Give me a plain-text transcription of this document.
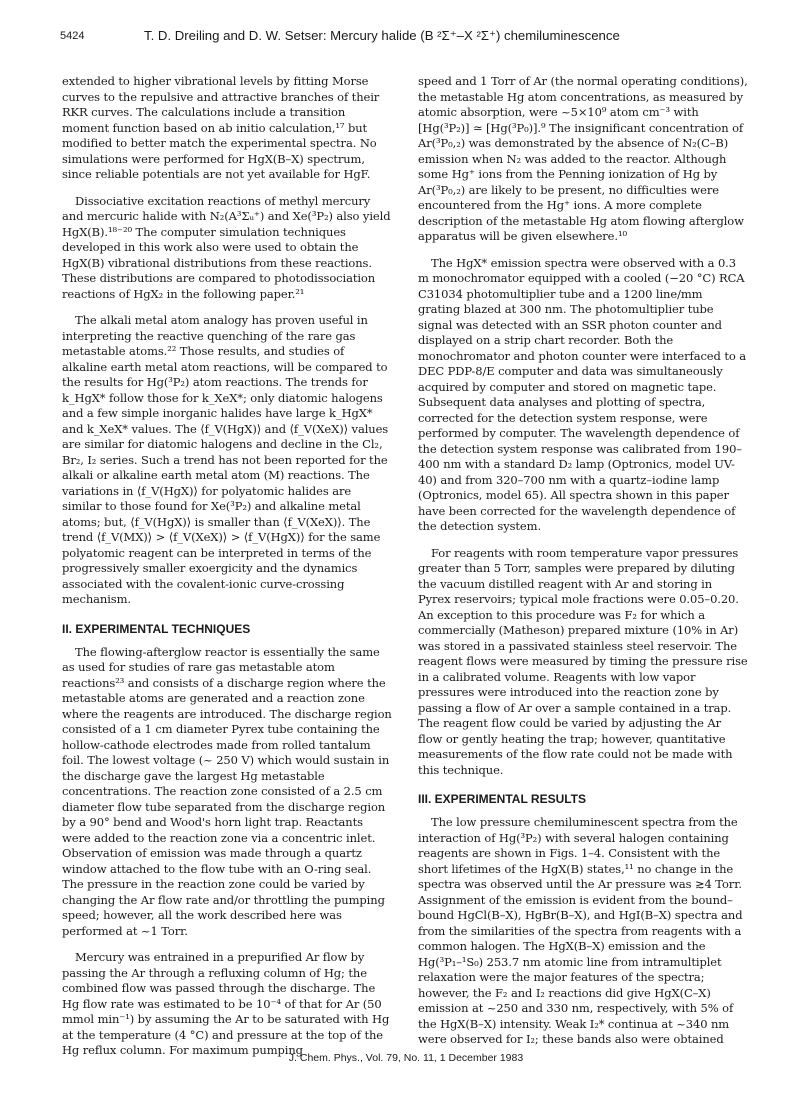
5424	T. D. Dreiling and D. W. Setser: Mercury halide (B ²Σ⁺–X ²Σ⁺) chemiluminescence

extended to higher vibrational levels by fitting Morse curves to the repulsive and attractive branches of their RKR curves. The calculations include a transition moment function based on ab initio calculation,¹⁷ but modified to better match the experimental spectra. No simulations were performed for HgX(B–X) spectrum, since reliable potentials are not yet available for HgF.

Dissociative excitation reactions of methyl mercury and mercuric halide with N₂(A³Σᵤ⁺) and Xe(³P₂) also yield HgX(B).¹⁸⁻²⁰ The computer simulation techniques developed in this work also were used to obtain the HgX(B) vibrational distributions from these reactions. These distributions are compared to photodissociation reactions of HgX₂ in the following paper.²¹

The alkali metal atom analogy has proven useful in interpreting the reactive quenching of the rare gas metastable atoms.²² Those results, and studies of alkaline earth metal atom reactions, will be compared to the results for Hg(³P₂) atom reactions. The trends for k_HgX* follow those for k_XeX*; only diatomic halogens and a few simple inorganic halides have large k_HgX* and k_XeX* values. The ⟨f_V(HgX)⟩ and ⟨f_V(XeX)⟩ values are similar for diatomic halogens and decline in the Cl₂, Br₂, I₂ series. Such a trend has not been reported for the alkali or alkaline earth metal atom (M) reactions. The variations in ⟨f_V(HgX)⟩ for polyatomic halides are similar to those found for Xe(³P₂) and alkaline metal atoms; but, ⟨f_V(HgX)⟩ is smaller than ⟨f_V(XeX)⟩. The trend ⟨f_V(MX)⟩ > ⟨f_V(XeX)⟩ > ⟨f_V(HgX)⟩ for the same polyatomic reagent can be interpreted in terms of the progressively smaller exoergicity and the dynamics associated with the covalent-ionic curve-crossing mechanism.

II. EXPERIMENTAL TECHNIQUES

The flowing-afterglow reactor is essentially the same as used for studies of rare gas metastable atom reactions²³ and consists of a discharge region where the metastable atoms are generated and a reaction zone where the reagents are introduced. The discharge region consisted of a 1 cm diameter Pyrex tube containing the hollow-cathode electrodes made from rolled tantalum foil. The lowest voltage (~ 250 V) which would sustain in the discharge gave the largest Hg metastable concentrations. The reaction zone consisted of a 2.5 cm diameter flow tube separated from the discharge region by a 90° bend and Wood's horn light trap. Reactants were added to the reaction zone via a concentric inlet. Observation of emission was made through a quartz window attached to the flow tube with an O-ring seal. The pressure in the reaction zone could be varied by changing the Ar flow rate and/or throttling the pumping speed; however, all the work described here was performed at ~1 Torr.

Mercury was entrained in a prepurified Ar flow by passing the Ar through a refluxing column of Hg; the combined flow was passed through the discharge. The Hg flow rate was estimated to be 10⁻⁴ of that for Ar (50 mmol min⁻¹) by assuming the Ar to be saturated with Hg at the temperature (4 °C) and pressure at the top of the Hg reflux column. For maximum pumping

speed and 1 Torr of Ar (the normal operating conditions), the metastable Hg atom concentrations, as measured by atomic absorption, were ~5×10⁹ atom cm⁻³ with [Hg(³P₂)] ≃ [Hg(³P₀)].⁹ The insignificant concentration of Ar(³P₀,₂) was demonstrated by the absence of N₂(C–B) emission when N₂ was added to the reactor. Although some Hg⁺ ions from the Penning ionization of Hg by Ar(³P₀,₂) are likely to be present, no difficulties were encountered from the Hg⁺ ions. A more complete description of the metastable Hg atom flowing afterglow apparatus will be given elsewhere.¹⁰

The HgX* emission spectra were observed with a 0.3 m monochromator equipped with a cooled (−20 °C) RCA C31034 photomultiplier tube and a 1200 line/mm grating blazed at 300 nm. The photomultiplier tube signal was detected with an SSR photon counter and displayed on a strip chart recorder. Both the monochromator and photon counter were interfaced to a DEC PDP-8/E computer and data was simultaneously acquired by computer and stored on magnetic tape. Subsequent data analyses and plotting of spectra, corrected for the detection system response, were performed by computer. The wavelength dependence of the detection system response was calibrated from 190–400 nm with a standard D₂ lamp (Optronics, model UV-40) and from 320–700 nm with a quartz–iodine lamp (Optronics, model 65). All spectra shown in this paper have been corrected for the wavelength dependence of the detection system.

For reagents with room temperature vapor pressures greater than 5 Torr, samples were prepared by diluting the vacuum distilled reagent with Ar and storing in Pyrex reservoirs; typical mole fractions were 0.05–0.20. An exception to this procedure was F₂ for which a commercially (Matheson) prepared mixture (10% in Ar) was stored in a passivated stainless steel reservoir. The reagent flows were measured by timing the pressure rise in a calibrated volume. Reagents with low vapor pressures were introduced into the reaction zone by passing a flow of Ar over a sample contained in a trap. The reagent flow could be varied by adjusting the Ar flow or gently heating the trap; however, quantitative measurements of the flow rate could not be made with this technique.

III. EXPERIMENTAL RESULTS

The low pressure chemiluminescent spectra from the interaction of Hg(³P₂) with several halogen containing reagents are shown in Figs. 1–4. Consistent with the short lifetimes of the HgX(B) states,¹¹ no change in the spectra was observed until the Ar pressure was ≳4 Torr. Assignment of the emission is evident from the bound–bound HgCl(B–X), HgBr(B–X), and HgI(B–X) spectra and from the similarities of the spectra from reagents with a common halogen. The HgX(B–X) emission and the Hg(³P₁–¹S₀) 253.7 nm atomic line from intramultiplet relaxation were the major features of the spectra; however, the F₂ and I₂ reactions did give HgX(C–X) emission at ~250 and 330 nm, respectively, with 5% of the HgX(B–X) intensity. Weak I₂* continua at ~340 nm were observed for I₂; these bands also were obtained

J. Chem. Phys., Vol. 79, No. 11, 1 December 1983
